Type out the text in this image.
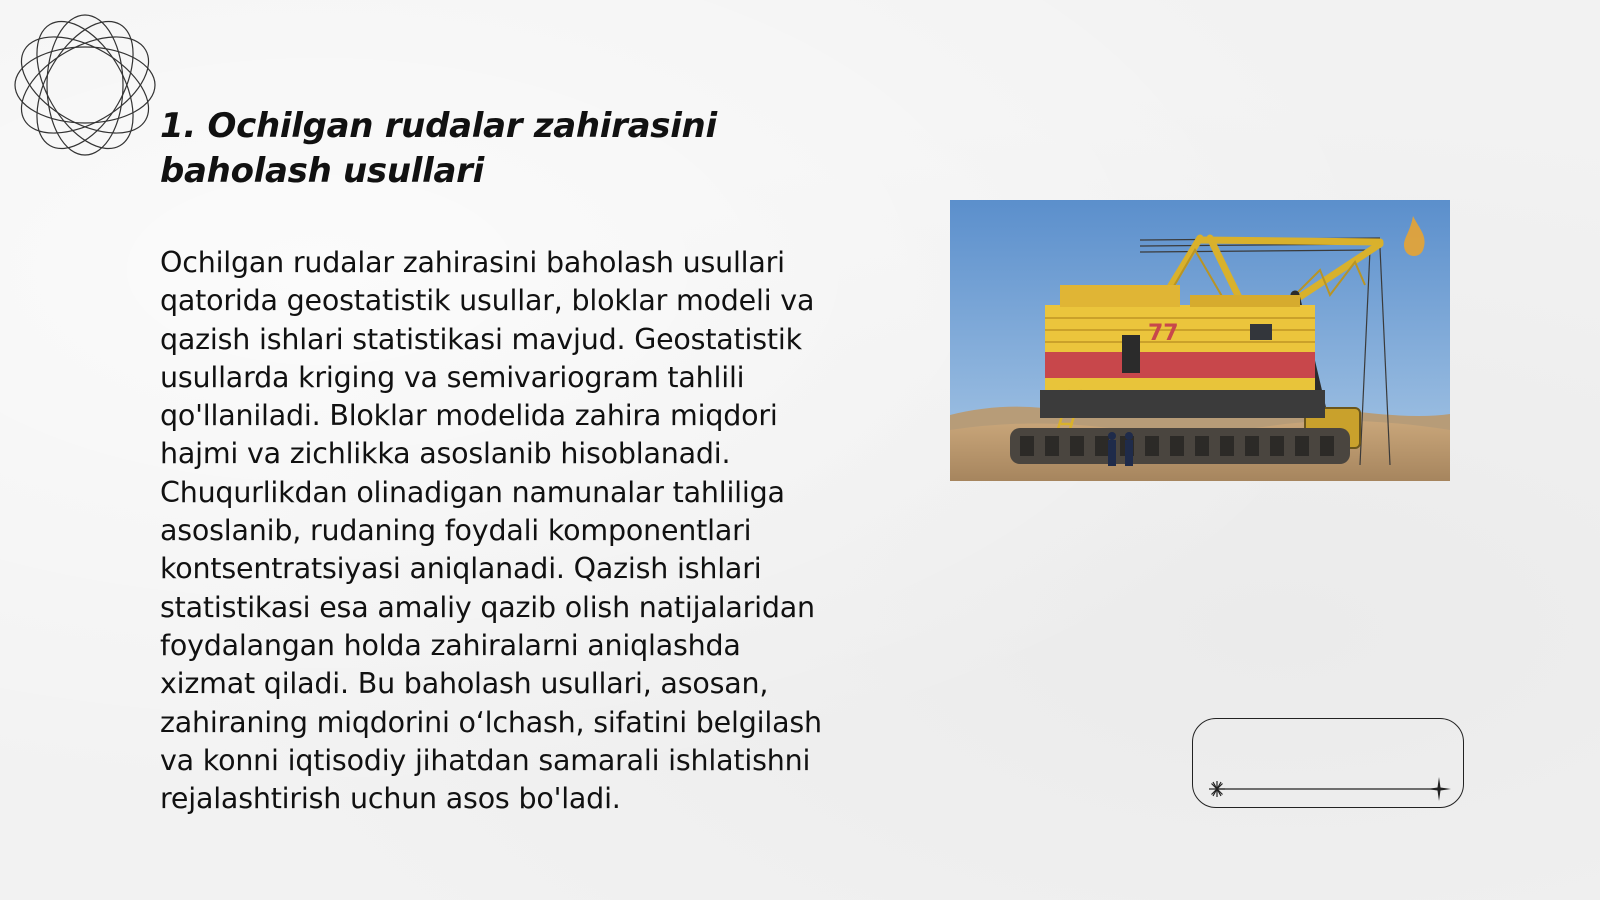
1. Ochilgan rudalar zahirasini baholash usullari

Ochilgan rudalar zahirasini baholash usullari qatorida geostatistik usullar, bloklar modeli va qazish ishlari statistikasi mavjud. Geostatistik usullarda kriging va semivariogram tahlili qo'llaniladi. Bloklar modelida zahira miqdori hajmi va zichlikka asoslanib hisoblanadi. Chuqurlikdan olinadigan namunalar tahliliga asoslanib, rudaning foydali komponentlari kontsentratsiyasi aniqlanadi. Qazish ishlari statistikasi esa amaliy qazib olish natijalaridan foydalangan holda zahiralarni aniqlashda xizmat qiladi. Bu baholash usullari, asosan, zahiraning miqdorini oʻlchash, sifatini belgilash va konni iqtisodiy jihatdan samarali ishlatishni rejalashtirish uchun asos bo'ladi.

77
